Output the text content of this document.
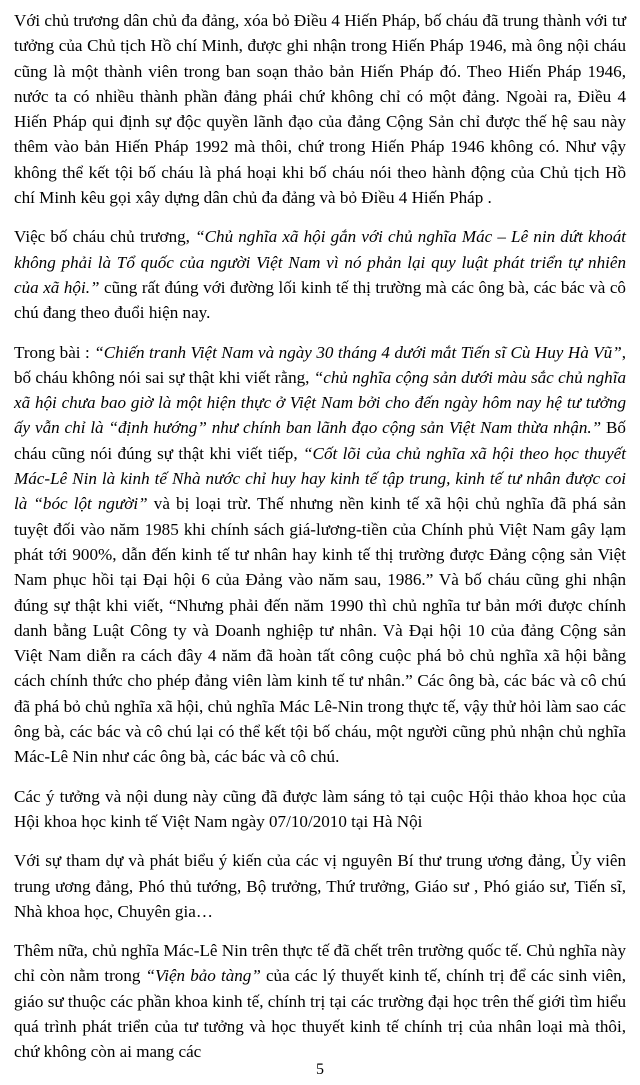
Với chủ trương dân chủ đa đảng, xóa bỏ Điều 4 Hiến Pháp, bố cháu đã trung thành với tư tưởng của Chủ tịch Hồ chí Minh, được ghi nhận trong Hiến Pháp 1946, mà ông nội cháu cũng là một thành viên trong ban soạn thảo bản Hiến Pháp đó. Theo Hiến Pháp 1946, nước ta có nhiều thành phần đảng phái chứ không chỉ có một đảng. Ngoài ra, Điều 4 Hiến Pháp qui định sự độc quyền lãnh đạo của đảng Cộng Sản chỉ được thế hệ sau này thêm vào bản Hiến Pháp 1992 mà thôi, chứ trong Hiến Pháp 1946 không có. Như vậy không thể kết tội bố cháu là phá hoại khi bố cháu nói theo hành động của Chủ tịch Hồ chí Minh kêu gọi xây dựng dân chủ đa đảng và bỏ Điều 4 Hiến Pháp .

Việc bố cháu chủ trương, “Chủ nghĩa xã hội gắn với chủ nghĩa Mác – Lê nin dứt khoát không phải là Tổ quốc của người Việt Nam vì nó phản lại quy luật phát triển tự nhiên của xã hội.” cũng rất đúng với đường lối kinh tế thị trường mà các ông bà, các bác và cô chú đang theo đuổi hiện nay.

Trong bài : “Chiến tranh Việt Nam và ngày 30 tháng 4 dưới mắt Tiến sĩ Cù Huy Hà Vũ”, bố cháu không nói sai sự thật khi viết rằng, “chủ nghĩa cộng sản dưới màu sắc chủ nghĩa xã hội chưa bao giờ là một hiện thực ở Việt Nam bởi cho đến ngày hôm nay hệ tư tưởng ấy vẫn chỉ là “định hướng” như chính ban lãnh đạo cộng sản Việt Nam thừa nhận.” Bố cháu cũng nói đúng sự thật khi viết tiếp, “Cốt lõi của chủ nghĩa xã hội theo học thuyết Mác-Lê Nin là kinh tế Nhà nước chỉ huy hay kinh tế tập trung, kinh tế tư nhân được coi là “bóc lột người” và bị loại trừ. Thế nhưng nền kinh tế xã hội chủ nghĩa đã phá sản tuyệt đối vào năm 1985 khi chính sách giá-lương-tiền của Chính phủ Việt Nam gây lạm phát tới 900%, dẫn đến kinh tế tư nhân hay kinh tế thị trường được Đảng cộng sản Việt Nam phục hồi tại Đại hội 6 của Đảng vào năm sau, 1986.” Và bố cháu cũng ghi nhận đúng sự thật khi viết, “Nhưng phải đến năm 1990 thì chủ nghĩa tư bản mới được chính danh bằng Luật Công ty và Doanh nghiệp tư nhân. Và Đại hội 10 của đảng Cộng sản Việt Nam diễn ra cách đây 4 năm đã hoàn tất công cuộc phá bỏ chủ nghĩa xã hội bằng cách chính thức cho phép đảng viên làm kinh tế tư nhân.” Các ông bà, các bác và cô chú đã phá bỏ chủ nghĩa xã hội, chủ nghĩa Mác Lê-Nin trong thực tế, vậy thử hỏi làm sao các ông bà, các bác và cô chú lại có thể kết tội bố cháu, một người cũng phủ nhận chủ nghĩa Mác-Lê Nin như các ông bà, các bác và cô chú.

Các ý tưởng và nội dung này cũng đã được làm sáng tỏ tại cuộc Hội thảo khoa học của Hội khoa học kinh tế Việt Nam ngày 07/10/2010 tại Hà Nội

Với sự tham dự và phát biểu ý kiến của các vị nguyên Bí thư trung ương đảng, Ủy viên trung ương đảng, Phó thủ tướng, Bộ trưởng, Thứ trưởng, Giáo sư , Phó giáo sư, Tiến sĩ, Nhà khoa học, Chuyên gia…

Thêm nữa, chủ nghĩa Mác-Lê Nin trên thực tế đã chết trên trường quốc tế. Chủ nghĩa này chỉ còn nằm trong “Viện bảo tàng” của các lý thuyết kinh tế, chính trị để các sinh viên, giáo sư thuộc các phần khoa kinh tế, chính trị tại các trường đại học trên thế giới tìm hiểu quá trình phát triển của tư tưởng và học thuyết kinh tế chính trị của nhân loại mà thôi, chứ không còn ai mang các

5
